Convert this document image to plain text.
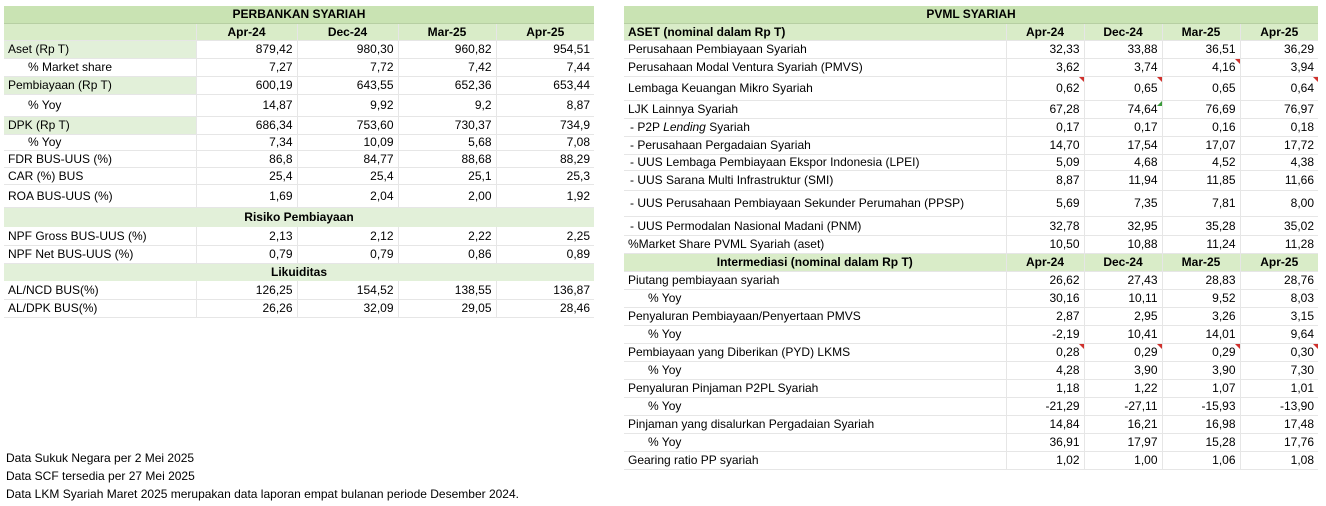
PERBANKAN SYARIAH				
	Apr-24	Dec-24	Mar-25	Apr-25
Aset (Rp T)	879,42	980,30	960,82	954,51
% Market share	7,27	7,72	7,42	7,44
Pembiayaan (Rp T)	600,19	643,55	652,36	653,44
% Yoy	14,87	9,92	9,2	8,87
DPK (Rp T)	686,34	753,60	730,37	734,9
% Yoy	7,34	10,09	5,68	7,08
FDR BUS-UUS (%)	86,8	84,77	88,68	88,29
CAR (%) BUS	25,4	25,4	25,1	25,3
ROA BUS-UUS (%)	1,69	2,04	2,00	1,92
Risiko Pembiayaan				
NPF Gross BUS-UUS (%)	2,13	2,12	2,22	2,25
NPF Net BUS-UUS (%)	0,79	0,79	0,86	0,89
Likuiditas				
AL/NCD BUS(%)	126,25	154,52	138,55	136,87
AL/DPK BUS(%)	26,26	32,09	29,05	28,46
PVML SYARIAH				
ASET (nominal dalam Rp T)	Apr-24	Dec-24	Mar-25	Apr-25
Perusahaan Pembiayaan Syariah	32,33	33,88	36,51	36,29
Perusahaan Modal Ventura Syariah (PMVS)	3,62	3,74	4,16	3,94
Lembaga Keuangan Mikro Syariah	0,62	0,65	0,65	0,64
LJK Lainnya Syariah	67,28	74,64	76,69	76,97
- P2P Lending Syariah	0,17	0,17	0,16	0,18
- Perusahaan Pergadaian Syariah	14,70	17,54	17,07	17,72
- UUS Lembaga Pembiayaan Ekspor Indonesia (LPEI)	5,09	4,68	4,52	4,38
- UUS Sarana Multi Infrastruktur (SMI)	8,87	11,94	11,85	11,66
- UUS Perusahaan Pembiayaan Sekunder Perumahan (PPSP)	5,69	7,35	7,81	8,00
- UUS Permodalan Nasional Madani (PNM)	32,78	32,95	35,28	35,02
%Market Share PVML Syariah (aset)	10,50	10,88	11,24	11,28
Intermediasi (nominal dalam Rp T)	Apr-24	Dec-24	Mar-25	Apr-25
Piutang pembiayaan syariah	26,62	27,43	28,83	28,76
% Yoy	30,16	10,11	9,52	8,03
Penyaluran Pembiayaan/Penyertaan PMVS	2,87	2,95	3,26	3,15
% Yoy	-2,19	10,41	14,01	9,64
Pembiayaan yang Diberikan (PYD) LKMS	0,28	0,29	0,29	0,30
% Yoy	4,28	3,90	3,90	7,30
Penyaluran Pinjaman P2PL Syariah	1,18	1,22	1,07	1,01
% Yoy	-21,29	-27,11	-15,93	-13,90
Pinjaman yang disalurkan Pergadaian Syariah	14,84	16,21	16,98	17,48
% Yoy	36,91	17,97	15,28	17,76
Gearing ratio PP syariah	1,02	1,00	1,06	1,08
Data Sukuk Negara per 2 Mei 2025
Data SCF tersedia per 27 Mei 2025
Data LKM Syariah Maret 2025 merupakan data laporan empat bulanan periode Desember 2024.
